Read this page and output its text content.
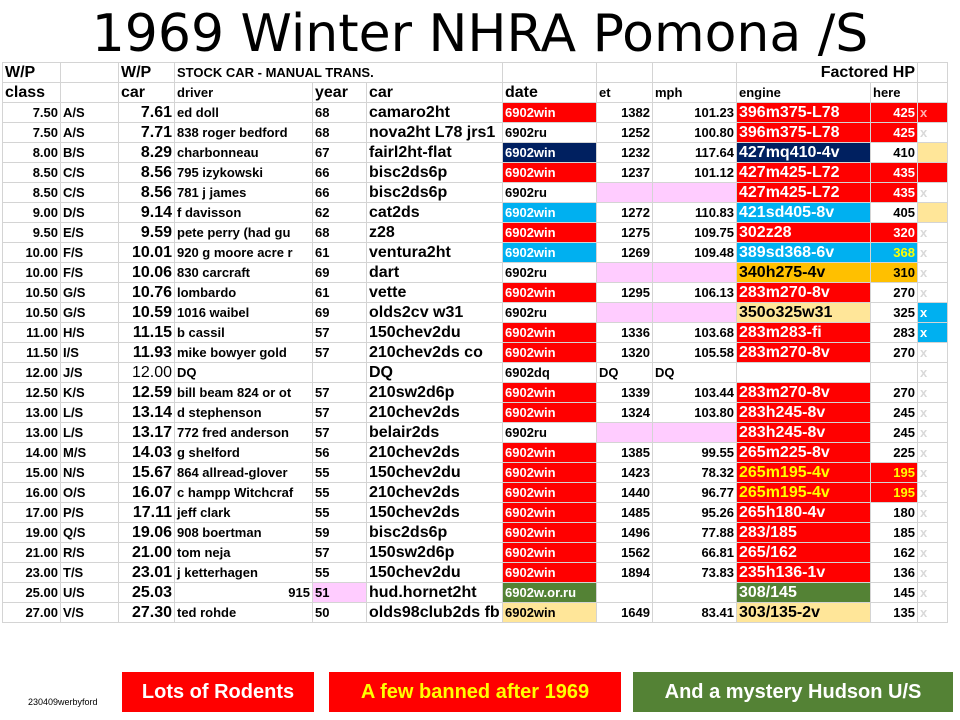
1969 Winter NHRA Pomona /S
W/P		W/P	STOCK CAR - MANUAL TRANS.						Factored HP		
class		car	driver	year	car	date	et	mph	engine	here	
7.50	A/S	7.61	ed doll	68	camaro2ht	6902win	1382	101.23	396m375-L78	425	x
7.50	A/S	7.71	838 roger bedford	68	nova2ht L78 jrs1	6902ru	1252	100.80	396m375-L78	425	x
8.00	B/S	8.29	charbonneau	67	fairl2ht-flat	6902win	1232	117.64	427mq410-4v	410	
8.50	C/S	8.56	795 izykowski	66	bisc2ds6p	6902win	1237	101.12	427m425-L72	435	
8.50	C/S	8.56	781 j james	66	bisc2ds6p	6902ru			427m425-L72	435	x
9.00	D/S	9.14	f davisson	62	cat2ds	6902win	1272	110.83	421sd405-8v	405	
9.50	E/S	9.59	pete perry (had gu	68	z28	6902win	1275	109.75	302z28	320	x
10.00	F/S	10.01	920 g moore acre r	61	ventura2ht	6902win	1269	109.48	389sd368-6v	368	x
10.00	F/S	10.06	830 carcraft	69	dart	6902ru			340h275-4v	310	x
10.50	G/S	10.76	lombardo	61	vette	6902win	1295	106.13	283m270-8v	270	x
10.50	G/S	10.59	1016 waibel	69	olds2cv w31	6902ru			350o325w31	325	x
11.00	H/S	11.15	b cassil	57	150chev2du	6902win	1336	103.68	283m283-fi	283	x
11.50	I/S	11.93	mike bowyer gold	57	210chev2ds co	6902win	1320	105.58	283m270-8v	270	x
12.00	J/S	12.00	DQ		DQ	6902dq	DQ	DQ			x
12.50	K/S	12.59	bill beam 824 or ot	57	210sw2d6p	6902win	1339	103.44	283m270-8v	270	x
13.00	L/S	13.14	d stephenson	57	210chev2ds	6902win	1324	103.80	283h245-8v	245	x
13.00	L/S	13.17	772 fred anderson	57	belair2ds	6902ru			283h245-8v	245	x
14.00	M/S	14.03	g shelford	56	210chev2ds	6902win	1385	99.55	265m225-8v	225	x
15.00	N/S	15.67	864 allread-glover	55	150chev2du	6902win	1423	78.32	265m195-4v	195	x
16.00	O/S	16.07	c hampp Witchcraf	55	210chev2ds	6902win	1440	96.77	265m195-4v	195	x
17.00	P/S	17.11	jeff clark	55	150chev2ds	6902win	1485	95.26	265h180-4v	180	x
19.00	Q/S	19.06	908 boertman	59	bisc2ds6p	6902win	1496	77.88	283/185	185	x
21.00	R/S	21.00	tom neja	57	150sw2d6p	6902win	1562	66.81	265/162	162	x
23.00	T/S	23.01	j ketterhagen	55	150chev2du	6902win	1894	73.83	235h136-1v	136	x
25.00	U/S	25.03	915	51	hud.hornet2ht	6902w.or.ru			308/145	145	x
27.00	V/S	27.30	ted rohde	50	olds98club2ds fb	6902win	1649	83.41	303/135-2v	135	x
230409werbyford	Lots of Rodents	A few banned after 1969	And a mystery Hudson U/S
